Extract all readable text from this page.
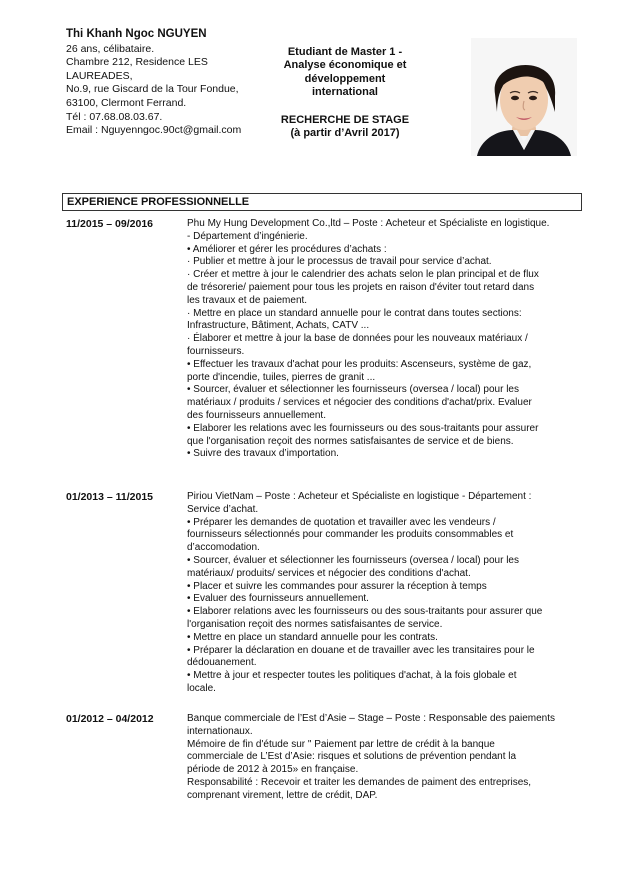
Thi Khanh Ngoc NGUYEN
26 ans, célibataire.
Chambre 212, Residence LES
LAUREADES,
No.9, rue Giscard de la Tour Fondue,
63100, Clermont Ferrand.
Tél : 07.68.08.03.67.
Email : Nguyenngoc.90ct@gmail.com
Etudiant de Master 1 -
Analyse économique et
développement
international
RECHERCHE DE STAGE
(à partir d’Avril 2017)
EXPERIENCE PROFESSIONNELLE
11/2015 – 09/2016	Phu My Hung Development Co.,ltd – Poste : Acheteur et Spécialiste en logistique.
- Département d’ingénierie.
• Améliorer et gérer les procédures d’achats :
· Publier et mettre à jour le processus de travail pour service d’achat.
· Créer et mettre à jour le calendrier des achats selon le plan principal et de flux
de trésorerie/ paiement pour tous les projets en raison d'éviter tout retard dans
les travaux et de paiement.
· Mettre en place un standard annuelle pour le contrat dans toutes sections:
Infrastructure, Bâtiment, Achats, CATV ...
· Élaborer et mettre à jour la base de données pour les nouveaux matériaux /
fournisseurs.
• Effectuer les travaux d'achat pour les produits: Ascenseurs, système de gaz,
porte d'incendie, tuiles, pierres de granit ...
• Sourcer, évaluer et sélectionner les fournisseurs (oversea / local) pour les
matériaux / produits / services et négocier des conditions d'achat/prix. Evaluer
des fournisseurs annuellement.
• Elaborer les relations avec les fournisseurs ou des sous-traitants pour assurer
que l'organisation reçoit des normes satisfaisantes de service et de biens.
• Suivre des travaux d’importation.
01/2013 – 11/2015	Piriou VietNam – Poste : Acheteur et Spécialiste en logistique - Département :
Service d’achat.
• Préparer les demandes de quotation et travailler avec les vendeurs /
fournisseurs sélectionnés pour commander les produits consommables et
d’accomodation.
• Sourcer, évaluer et sélectionner les fournisseurs (oversea / local) pour les
matériaux/ produits/ services et négocier des conditions d'achat.
• Placer et suivre les commandes pour assurer la réception à temps
• Evaluer des fournisseurs annuellement.
• Elaborer relations avec les fournisseurs ou des sous-traitants pour assurer que
l'organisation reçoit des normes satisfaisantes de service.
• Mettre en place un standard annuelle pour les contrats.
• Préparer la déclaration en douane et de travailler avec les transitaires pour le
dédouanement.
• Mettre à jour et respecter toutes les politiques d'achat, à la fois globale et
locale.
01/2012 – 04/2012	Banque commerciale de l’Est d’Asie – Stage – Poste : Responsable des paiements
internationaux.
Mémoire de fin d'étude sur " Paiement par lettre de crédit à la banque
commerciale de L’Est d’Asie: risques et solutions de prévention pendant la
période de 2012 à 2015» en française.
Responsabilité : Recevoir et traiter les demandes de paiment des entreprises,
comprenant virement, lettre de crédit, DAP.
